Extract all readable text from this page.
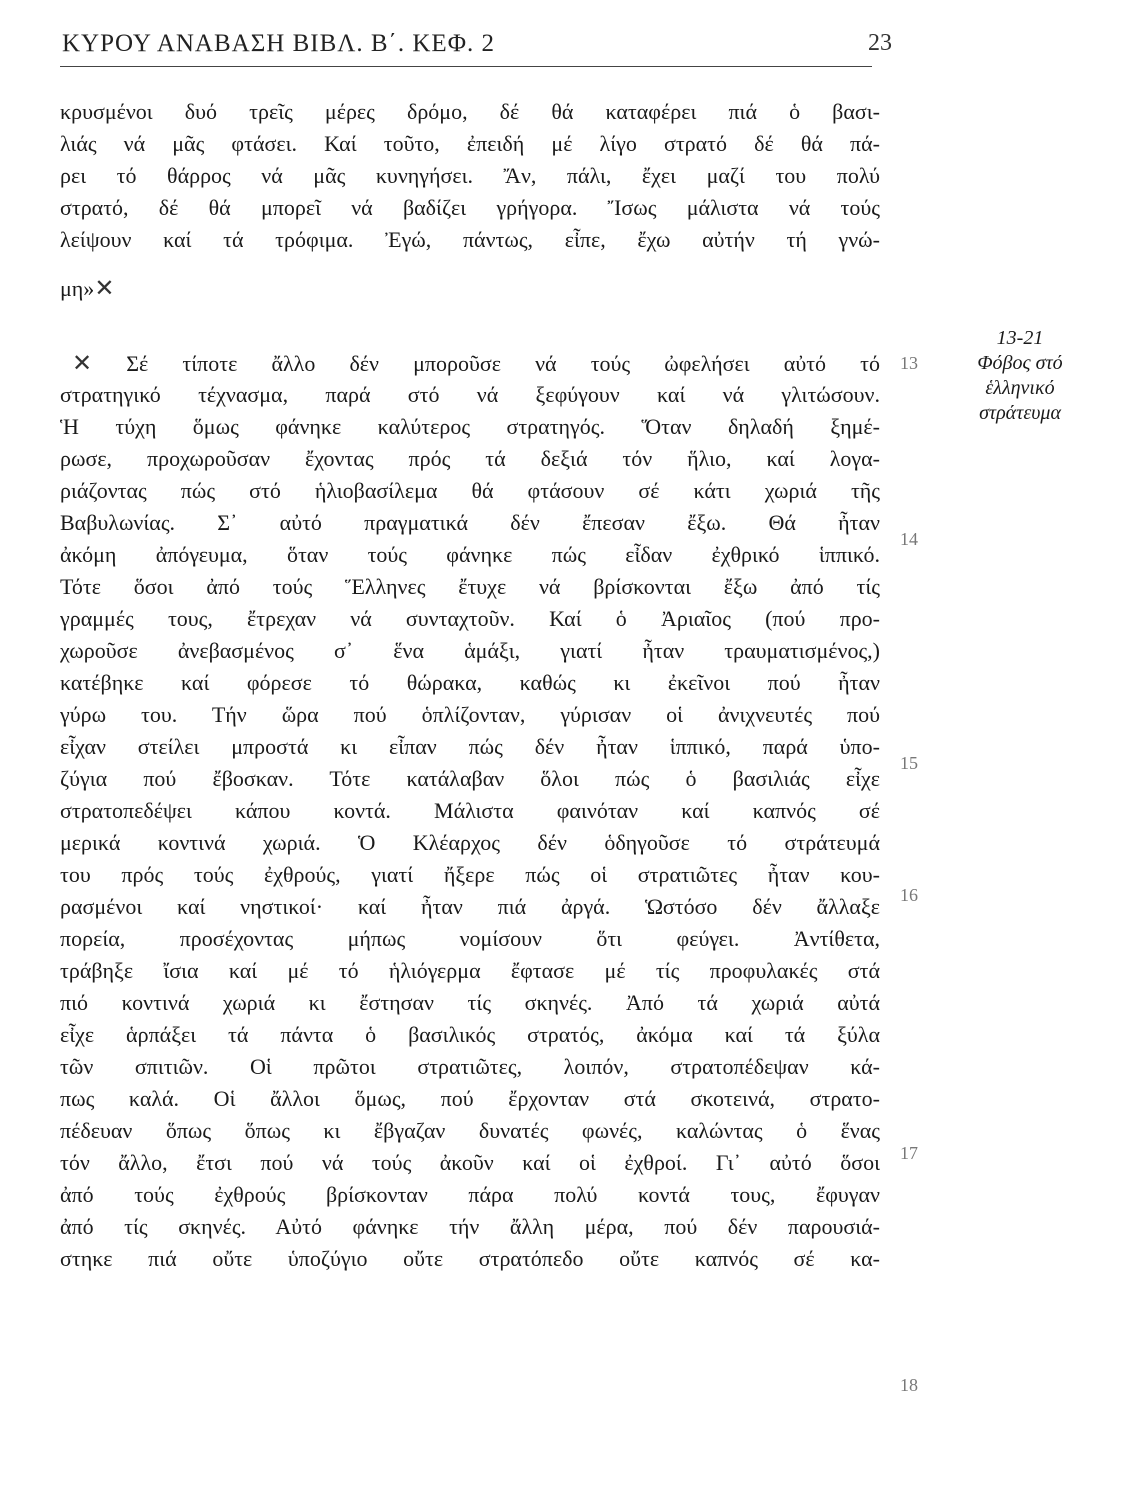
ΚΥΡΟΥ ΑΝΑΒΑΣΗ ΒΙΒΛ. Β΄. ΚΕΦ. 2	23
κρυσμένοι δυό τρεῖς μέρες δρόμο, δέ θά καταφέρει πιά ὁ βασι-
λιάς νά μᾶς φτάσει. Καί τοῦτο, ἐπειδή μέ λίγο στρατό δέ θά πά-
ρει τό θάρρος νά μᾶς κυνηγήσει. Ἄν, πάλι, ἔχει μαζί του πολύ
στρατό, δέ θά μπορεῖ νά βαδίζει γρήγορα. Ἴσως μάλιστα νά τούς
λείψουν καί τά τρόφιμα. Ἐγώ, πάντως, εἶπε, ἔχω αὐτήν τή γνώ-
μη»✕
✕ Σέ τίποτε ἄλλο δέν μποροῦσε νά τούς ὠφελήσει αὐτό τό
στρατηγικό τέχνασμα, παρά στό νά ξεφύγουν καί νά γλιτώσουν.
Ἡ τύχη ὅμως φάνηκε καλύτερος στρατηγός. Ὅταν δηλαδή ξημέ-
ρωσε, προχωροῦσαν ἔχοντας πρός τά δεξιά τόν ἥλιο, καί λογα-
ριάζοντας πώς στό ἡλιοβασίλεμα θά φτάσουν σέ κάτι χωριά τῆς
Βαβυλωνίας. Σ᾽ αὐτό πραγματικά δέν ἔπεσαν ἔξω. Θά ἦταν
ἀκόμη ἀπόγευμα, ὅταν τούς φάνηκε πώς εἶδαν ἐχθρικό ἱππικό.
Τότε ὅσοι ἀπό τούς Ἕλληνες ἔτυχε νά βρίσκονται ἔξω ἀπό τίς
γραμμές τους, ἔτρεχαν νά συνταχτοῦν. Καί ὁ Ἀριαῖος (πού προ-
χωροῦσε ἀνεβασμένος σ᾽ ἕνα ἁμάξι, γιατί ἦταν τραυματισμένος,)
κατέβηκε καί φόρεσε τό θώρακα, καθώς κι ἐκεῖνοι πού ἦταν
γύρω του. Τήν ὥρα πού ὁπλίζονταν, γύρισαν οἱ ἀνιχνευτές πού
εἶχαν στείλει μπροστά κι εἶπαν πώς δέν ἦταν ἱππικό, παρά ὑπο-
ζύγια πού ἔβοσκαν. Τότε κατάλαβαν ὅλοι πώς ὁ βασιλιάς εἶχε
στρατοπεδέψει κάπου κοντά. Μάλιστα φαινόταν καί καπνός σέ
μερικά κοντινά χωριά. Ὁ Κλέαρχος δέν ὁδηγοῦσε τό στράτευμά
του πρός τούς ἐχθρούς, γιατί ἤξερε πώς οἱ στρατιῶτες ἦταν κου-
ρασμένοι καί νηστικοί· καί ἦταν πιά ἀργά. Ὡστόσο δέν ἄλλαξε
πορεία, προσέχοντας μήπως νομίσουν ὅτι φεύγει. Ἀντίθετα,
τράβηξε ἴσια καί μέ τό ἡλιόγερμα ἔφτασε μέ τίς προφυλακές στά
πιό κοντινά χωριά κι ἔστησαν τίς σκηνές. Ἀπό τά χωριά αὐτά
εἶχε ἁρπάξει τά πάντα ὁ βασιλικός στρατός, ἀκόμα καί τά ξύλα
τῶν σπιτιῶν. Οἱ πρῶτοι στρατιῶτες, λοιπόν, στρατοπέδεψαν κά-
πως καλά. Οἱ ἄλλοι ὅμως, πού ἔρχονταν στά σκοτεινά, στρατο-
πέδευαν ὅπως ὅπως κι ἔβγαζαν δυνατές φωνές, καλώντας ὁ ἕνας
τόν ἄλλο, ἔτσι πού νά τούς ἀκοῦν καί οἱ ἐχθροί. Γι᾽ αὐτό ὅσοι
ἀπό τούς ἐχθρούς βρίσκονταν πάρα πολύ κοντά τους, ἔφυγαν
ἀπό τίς σκηνές. Αὐτό φάνηκε τήν ἄλλη μέρα, πού δέν παρουσιά-
στηκε πιά οὔτε ὑποζύγιο οὔτε στρατόπεδο οὔτε καπνός σέ κα-
13
14
15
16
17
18
13-21
Φόβος στό
ἑλληνικό
στράτευμα
